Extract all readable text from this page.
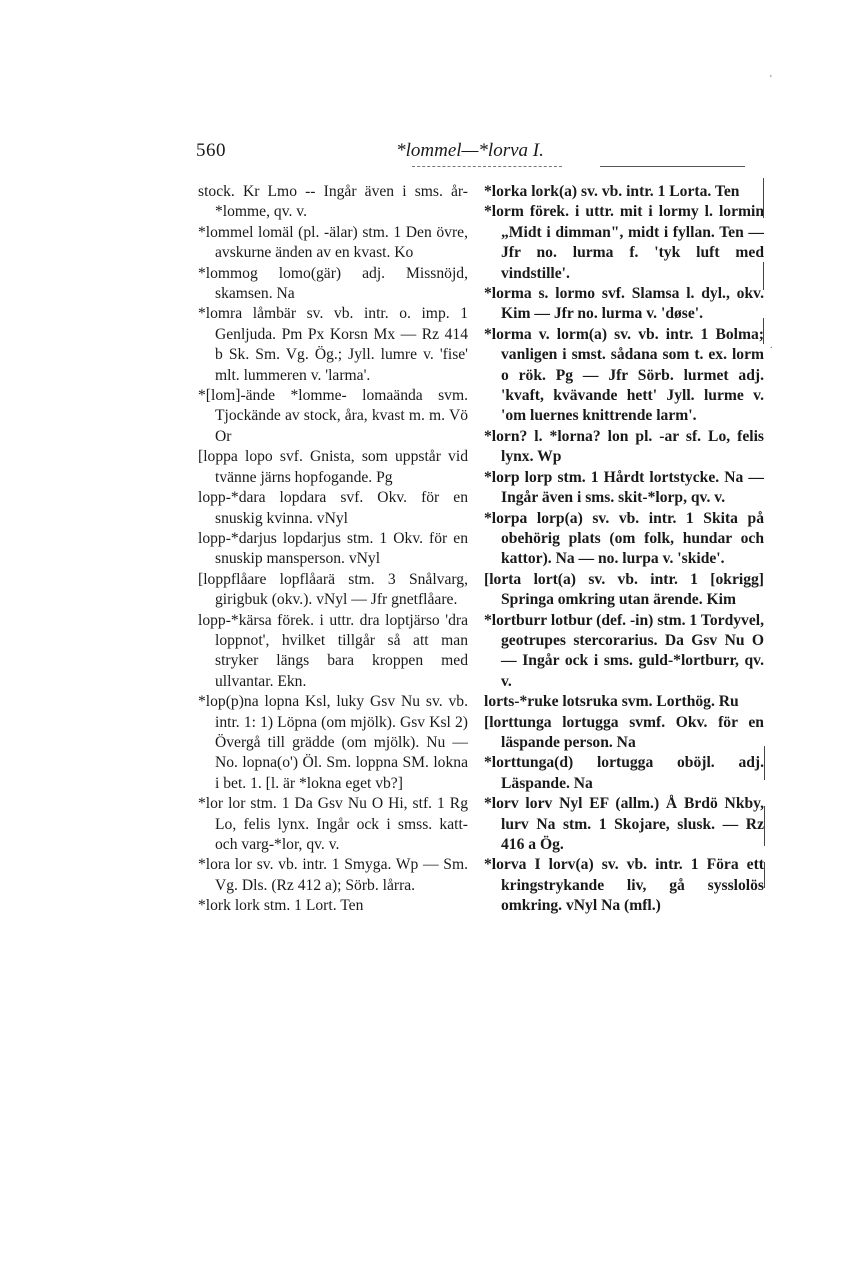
560	*lommel—*lorva I.

stock. Kr Lmo -- Ingår även i sms. år-*lomme, qv. v.

*lommel lomäl (pl. -älar) stm. 1 Den övre, avskurne änden av en kvast. Ko

*lommog lomo(gär) adj. Missnöjd, skamsen. Na

*lomra låmbär sv. vb. intr. o. imp. 1 Genljuda. Pm Px Korsn Mx — Rz 414 b Sk. Sm. Vg. Ög.; Jyll. lumre v. 'fise' mlt. lummeren v. 'larma'.

*[lom]-ände *lomme- lomaända svm. Tjockände av stock, åra, kvast m. m. Vö Or

[loppa lopo svf. Gnista, som uppstår vid tvänne järns hopfogande. Pg

lopp-*dara lopdara svf. Okv. för en snuskig kvinna. vNyl

lopp-*darjus lopdarjus stm. 1 Okv. för en snuskip mansperson. vNyl

[loppflåare lopflåarä stm. 3 Snålvarg, girigbuk (okv.). vNyl — Jfr gnetflåare.

lopp-*kärsa förek. i uttr. dra loptjärso 'dra loppnot', hvilket tillgår så att man stryker längs bara kroppen med ullvantar. Ekn.

*lop(p)na lopna Ksl, luky Gsv Nu sv. vb. intr. 1: 1) Löpna (om mjölk). Gsv Ksl 2) Övergå till grädde (om mjölk). Nu — No. lopna(o') Öl. Sm. loppna SM. lokna i bet. 1. [l. är *lokna eget vb?]

*lor lor stm. 1 Da Gsv Nu O Hi, stf. 1 Rg Lo, felis lynx. Ingår ock i smss. katt- och varg-*lor, qv. v.

*lora lor sv. vb. intr. 1 Smyga. Wp — Sm. Vg. Dls. (Rz 412 a); Sörb. lårra.

*lork lork stm. 1 Lort. Ten

*lorka lork(a) sv. vb. intr. 1 Lorta. Ten

*lorm förek. i uttr. mit i lormy l. lormin „Midt i dimman", midt i fyllan. Ten — Jfr no. lurma f. 'tyk luft med vindstille'.

*lorma s. lormo svf. Slamsa l. dyl., okv. Kim — Jfr no. lurma v. 'døse'.

*lorma v. lorm(a) sv. vb. intr. 1 Bolma; vanligen i smst. sådana som t. ex. lorm o rök. Pg — Jfr Sörb. lurmet adj. 'kvaft, kvävande hett' Jyll. lurme v. 'om luernes knittrende larm'.

*lorn? l. *lorna? lon pl. -ar sf. Lo, felis lynx. Wp

*lorp lorp stm. 1 Hårdt lortstycke. Na — Ingår även i sms. skit-*lorp, qv. v.

*lorpa lorp(a) sv. vb. intr. 1 Skita på obehörig plats (om folk, hundar och kattor). Na — no. lurpa v. 'skide'.

[lorta lort(a) sv. vb. intr. 1 [okrigg] Springa omkring utan ärende. Kim

*lortburr lotbur (def. -in) stm. 1 Tordyvel, geotrupes stercorarius. Da Gsv Nu O — Ingår ock i sms. guld-*lortburr, qv. v.

lorts-*ruke lotsruka svm. Lorthög. Ru

[lorttunga lortugga svmf. Okv. för en läspande person. Na

*lorttunga(d) lortugga oböjl. adj. Läspande. Na

*lorv lorv Nyl EF (allm.) Å Brdö Nkby, lurv Na stm. 1 Skojare, slusk. — Rz 416 a Ög.

*lorva I lorv(a) sv. vb. intr. 1 Föra ett kringstrykande liv, gå sysslolös omkring. vNyl Na (mfl.)

'
.
